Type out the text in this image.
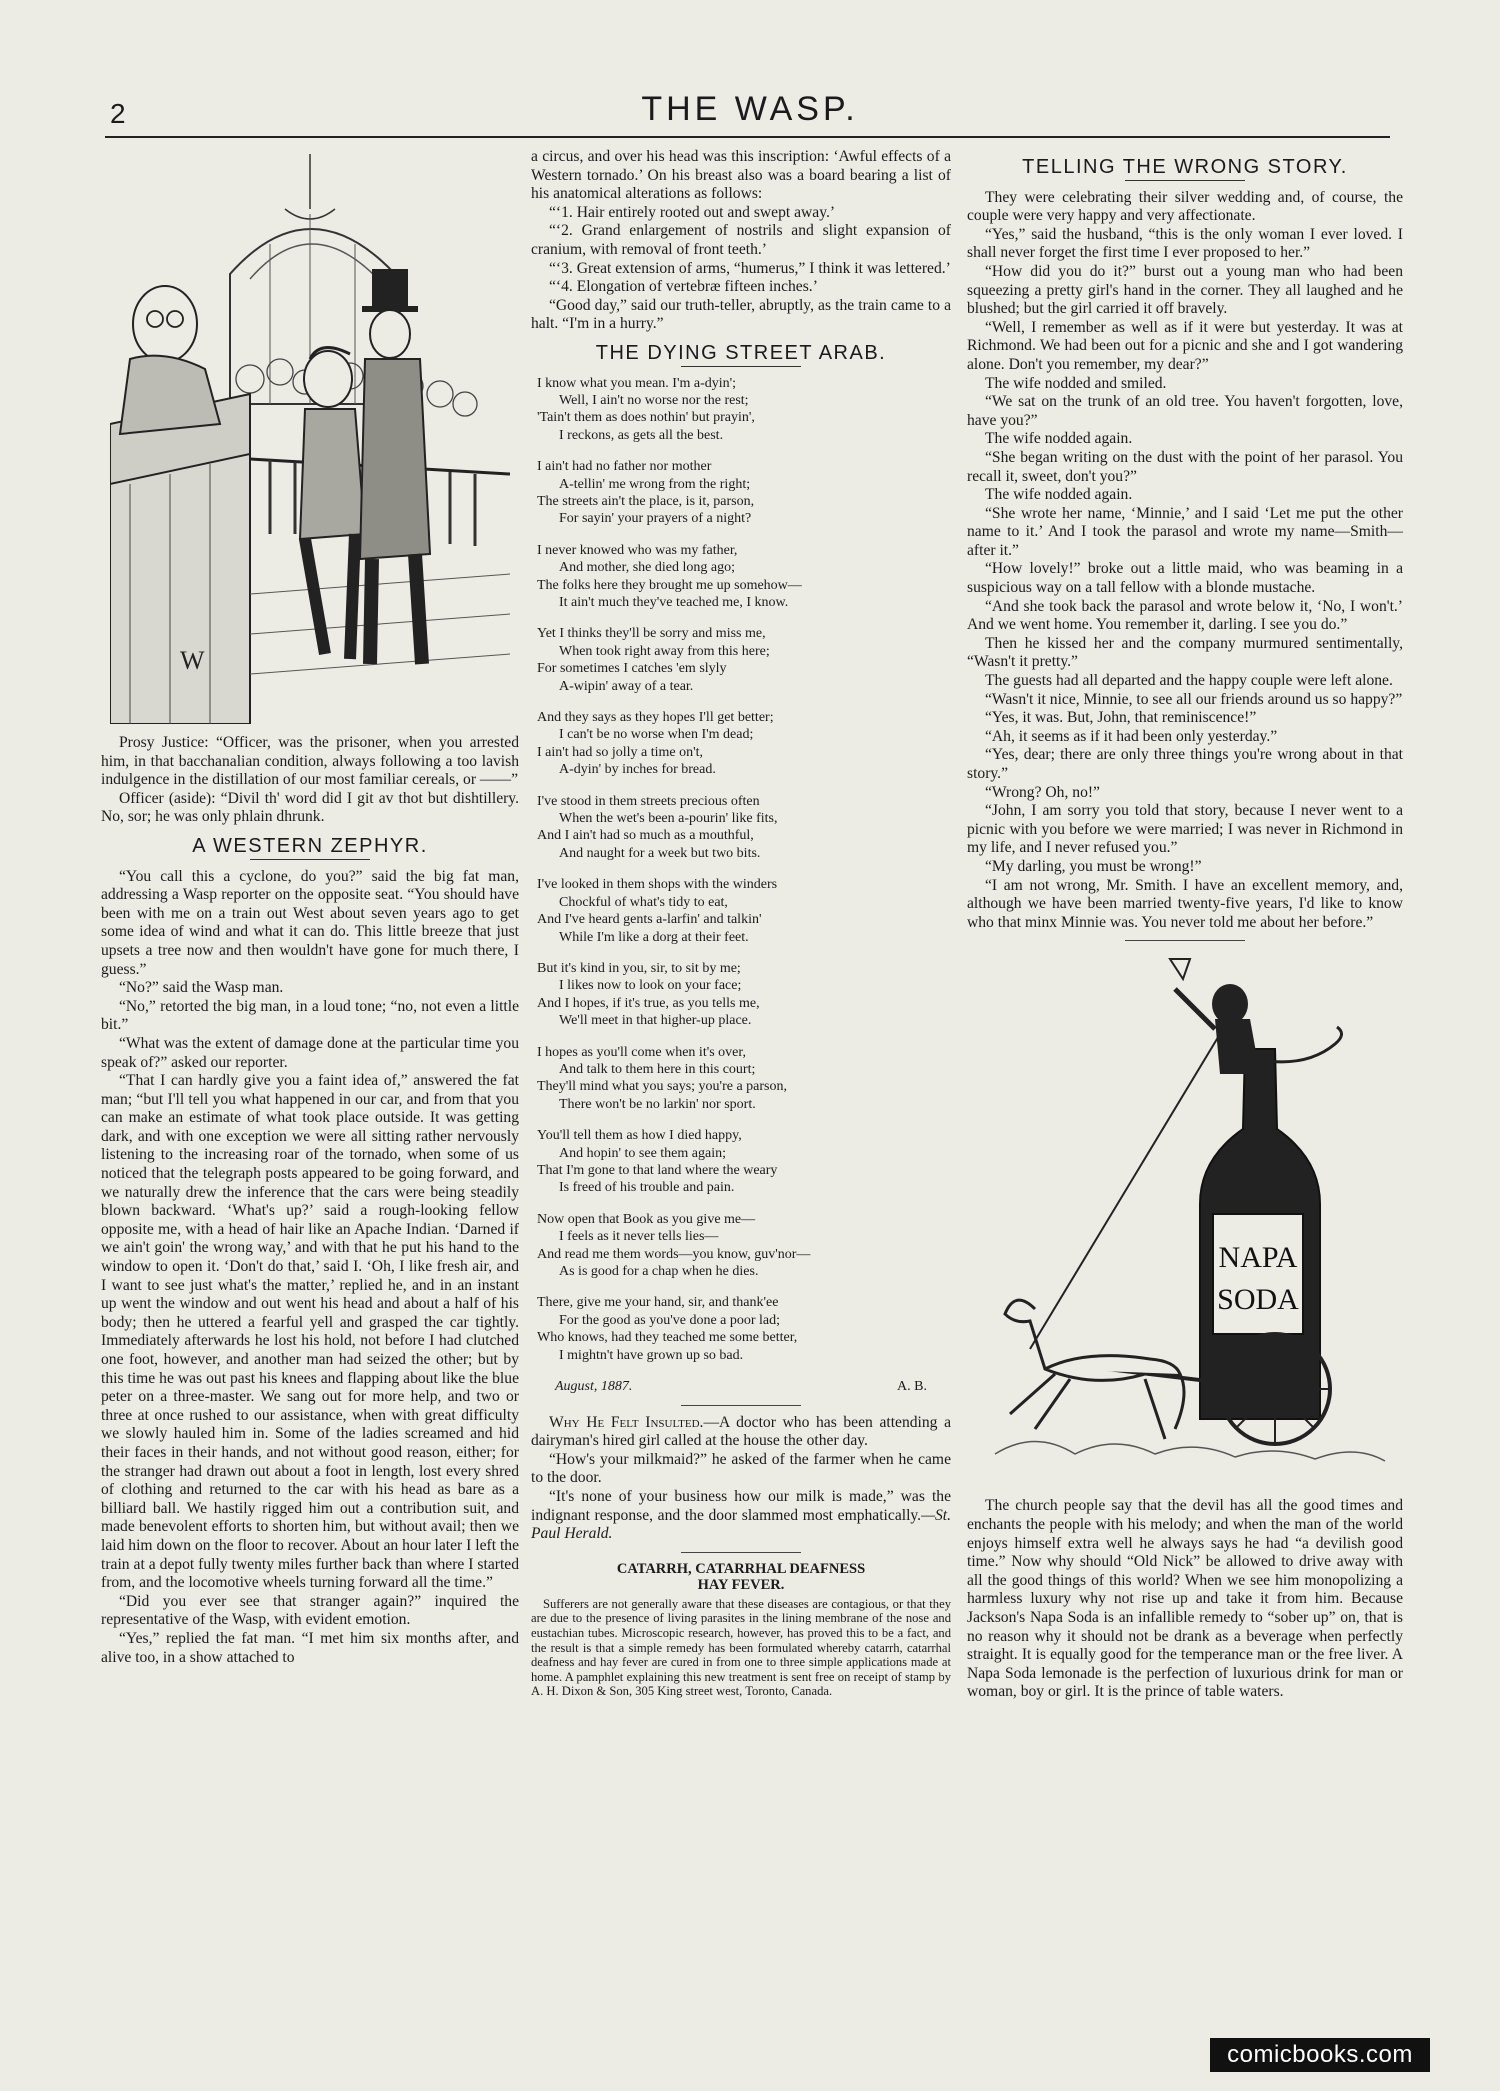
2	THE WASP.
W

Prosy Justice: “Officer, was the prisoner, when you arrested him, in that bacchanalian condition, always following a too lavish indulgence in the distillation of our most familiar cereals, or ——”

Officer (aside): “Divil th' word did I git av thot but dishtillery. No, sor; he was only phlain dhrunk.

A WESTERN ZEPHYR.

“You call this a cyclone, do you?” said the big fat man, addressing a Wasp reporter on the opposite seat. “You should have been with me on a train out West about seven years ago to get some idea of wind and what it can do. This little breeze that just upsets a tree now and then wouldn't have gone for much there, I guess.”

“No?” said the Wasp man.

“No,” retorted the big man, in a loud tone; “no, not even a little bit.”

“What was the extent of damage done at the particular time you speak of?” asked our reporter.

“That I can hardly give you a faint idea of,” answered the fat man; “but I'll tell you what happened in our car, and from that you can make an estimate of what took place outside. It was getting dark, and with one exception we were all sitting rather nervously listening to the increasing roar of the tornado, when some of us noticed that the telegraph posts appeared to be going forward, and we naturally drew the inference that the cars were being steadily blown backward. ‘What's up?’ said a rough-looking fellow opposite me, with a head of hair like an Apache Indian. ‘Darned if we ain't goin' the wrong way,’ and with that he put his hand to the window to open it. ‘Don't do that,’ said I. ‘Oh, I like fresh air, and I want to see just what's the matter,’ replied he, and in an instant up went the window and out went his head and about a half of his body; then he uttered a fearful yell and grasped the car tightly. Immediately afterwards he lost his hold, not before I had clutched one foot, however, and another man had seized the other; but by this time he was out past his knees and flapping about like the blue peter on a three-master. We sang out for more help, and two or three at once rushed to our assistance, when with great difficulty we slowly hauled him in. Some of the ladies screamed and hid their faces in their hands, and not without good reason, either; for the stranger had drawn out about a foot in length, lost every shred of clothing and returned to the car with his head as bare as a billiard ball. We hastily rigged him out a contribution suit, and made benevolent efforts to shorten him, but without avail; then we laid him down on the floor to recover. About an hour later I left the train at a depot fully twenty miles further back than where I started from, and the locomotive wheels turning forward all the time.”

“Did you ever see that stranger again?” inquired the representative of the Wasp, with evident emotion.

“Yes,” replied the fat man. “I met him six months after, and alive too, in a show attached to

a circus, and over his head was this inscription: ‘Awful effects of a Western tornado.’ On his breast also was a board bearing a list of his anatomical alterations as follows:

“‘1. Hair entirely rooted out and swept away.’

“‘2. Grand enlargement of nostrils and slight expansion of cranium, with removal of front teeth.’

“‘3. Great extension of arms, “humerus,” I think it was lettered.’

“‘4. Elongation of vertebræ fifteen inches.’

“Good day,” said our truth-teller, abruptly, as the train came to a halt. “I'm in a hurry.”

THE DYING STREET ARAB.
I know what you mean. I'm a-dyin';
Well, I ain't no worse nor the rest;
'Tain't them as does nothin' but prayin',
I reckons, as gets all the best.
I ain't had no father nor mother
A-tellin' me wrong from the right;
The streets ain't the place, is it, parson,
For sayin' your prayers of a night?
I never knowed who was my father,
And mother, she died long ago;
The folks here they brought me up somehow—
It ain't much they've teached me, I know.
Yet I thinks they'll be sorry and miss me,
When took right away from this here;
For sometimes I catches 'em slyly
A-wipin' away of a tear.
And they says as they hopes I'll get better;
I can't be no worse when I'm dead;
I ain't had so jolly a time on't,
A-dyin' by inches for bread.
I've stood in them streets precious often
When the wet's been a-pourin' like fits,
And I ain't had so much as a mouthful,
And naught for a week but two bits.
I've looked in them shops with the winders
Chockful of what's tidy to eat,
And I've heard gents a-larfin' and talkin'
While I'm like a dorg at their feet.
But it's kind in you, sir, to sit by me;
I likes now to look on your face;
And I hopes, if it's true, as you tells me,
We'll meet in that higher-up place.
I hopes as you'll come when it's over,
And talk to them here in this court;
They'll mind what you says; you're a parson,
There won't be no larkin' nor sport.
You'll tell them as how I died happy,
And hopin' to see them again;
That I'm gone to that land where the weary
Is freed of his trouble and pain.
Now open that Book as you give me—
I feels as it never tells lies—
And read me them words—you know, guv'nor—
As is good for a chap when he dies.
There, give me your hand, sir, and thank'ee
For the good as you've done a poor lad;
Who knows, had they teached me some better,
I mightn't have grown up so bad.
August, 1887.	A. B.

Why He Felt Insulted.—A doctor who has been attending a dairyman's hired girl called at the house the other day.

“How's your milkmaid?” he asked of the farmer when he came to the door.

“It's none of your business how our milk is made,” was the indignant response, and the door slammed most emphatically.—St. Paul Herald.

CATARRH, CATARRHAL DEAFNESS
HAY FEVER.

Sufferers are not generally aware that these diseases are contagious, or that they are due to the presence of living parasites in the lining membrane of the nose and eustachian tubes. Microscopic research, however, has proved this to be a fact, and the result is that a simple remedy has been formulated whereby catarrh, catarrhal deafness and hay fever are cured in from one to three simple applications made at home. A pamphlet explaining this new treatment is sent free on receipt of stamp by A. H. Dixon & Son, 305 King street west, Toronto, Canada.

TELLING THE WRONG STORY.

They were celebrating their silver wedding and, of course, the couple were very happy and very affectionate.

“Yes,” said the husband, “this is the only woman I ever loved. I shall never forget the first time I ever proposed to her.”

“How did you do it?” burst out a young man who had been squeezing a pretty girl's hand in the corner. They all laughed and he blushed; but the girl carried it off bravely.

“Well, I remember as well as if it were but yesterday. It was at Richmond. We had been out for a picnic and she and I got wandering alone. Don't you remember, my dear?”

The wife nodded and smiled.

“We sat on the trunk of an old tree. You haven't forgotten, love, have you?”

The wife nodded again.

“She began writing on the dust with the point of her parasol. You recall it, sweet, don't you?”

The wife nodded again.

“She wrote her name, ‘Minnie,’ and I said ‘Let me put the other name to it.’ And I took the parasol and wrote my name—Smith—after it.”

“How lovely!” broke out a little maid, who was beaming in a suspicious way on a tall fellow with a blonde mustache.

“And she took back the parasol and wrote below it, ‘No, I won't.’ And we went home. You remember it, darling. I see you do.”

Then he kissed her and the company murmured sentimentally, “Wasn't it pretty.”

The guests had all departed and the happy couple were left alone.

“Wasn't it nice, Minnie, to see all our friends around us so happy?”

“Yes, it was. But, John, that reminiscence!”

“Ah, it seems as if it had been only yesterday.”

“Yes, dear; there are only three things you're wrong about in that story.”

“Wrong? Oh, no!”

“John, I am sorry you told that story, because I never went to a picnic with you before we were married; I was never in Richmond in my life, and I never refused you.”

“My darling, you must be wrong!”

“I am not wrong, Mr. Smith. I have an excellent memory, and, although we have been married twenty-five years, I'd like to know who that minx Minnie was. You never told me about her before.”

NAPA
SODA

The church people say that the devil has all the good times and enchants the people with his melody; and when the man of the world enjoys himself extra well he always says he had “a devilish good time.” Now why should “Old Nick” be allowed to drive away with all the good things of this world? When we see him monopolizing a harmless luxury why not rise up and take it from him. Because Jackson's Napa Soda is an infallible remedy to “sober up” on, that is no reason why it should not be drank as a beverage when perfectly straight. It is equally good for the temperance man or the free liver. A Napa Soda lemonade is the perfection of luxurious drink for man or woman, boy or girl. It is the prince of table waters.

comicbooks.com
